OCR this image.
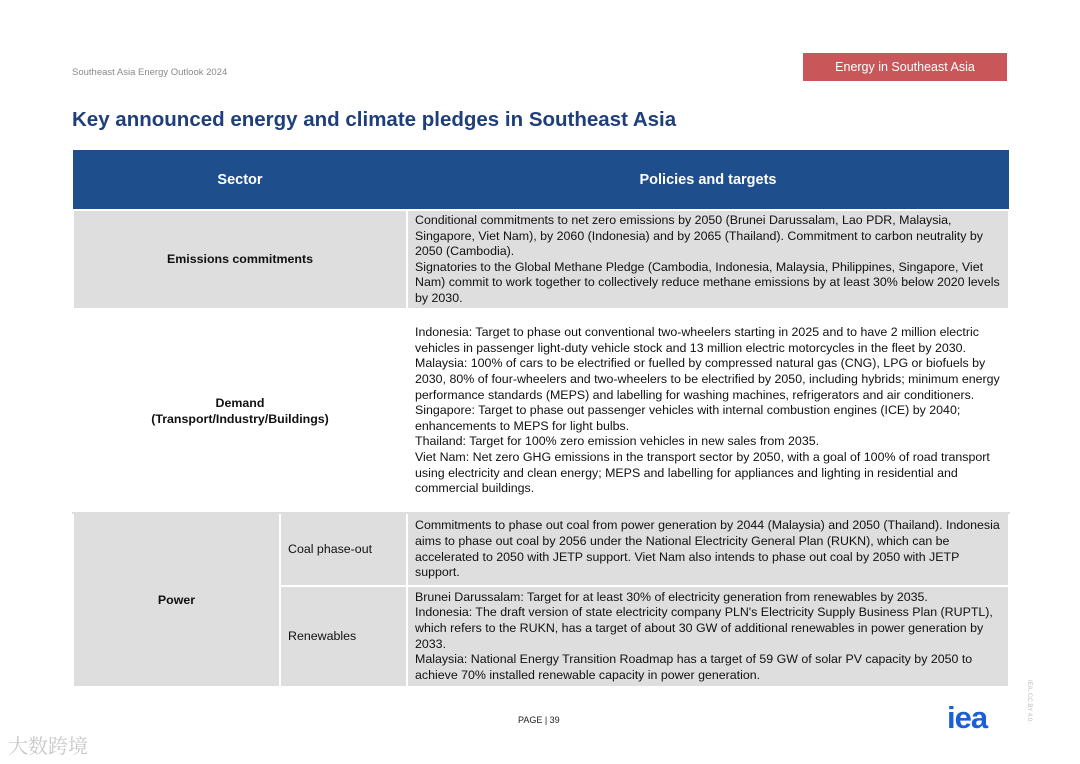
Southeast Asia Energy Outlook 2024	Energy in Southeast Asia
Key announced energy and climate pledges in Southeast Asia
Sector		Policies and targets
Emissions commitments		Conditional commitments to net zero emissions by 2050 (Brunei Darussalam, Lao PDR, Malaysia, Singapore, Viet Nam), by 2060 (Indonesia) and by 2065 (Thailand). Commitment to carbon neutrality by 2050 (Cambodia).
Signatories to the Global Methane Pledge (Cambodia, Indonesia, Malaysia, Philippines, Singapore, Viet Nam) commit to work together to collectively reduce methane emissions by at least 30% below 2020 levels by 2030.

Demand
(Transport/Industry/Buildings)		Indonesia: Target to phase out conventional two-wheelers starting in 2025 and to have 2 million electric vehicles in passenger light-duty vehicle stock and 13 million electric motorcycles in the fleet by 2030.
Malaysia: 100% of cars to be electrified or fuelled by compressed natural gas (CNG), LPG or biofuels by 2030, 80% of four-wheelers and two-wheelers to be electrified by 2050, including hybrids; minimum energy performance standards (MEPS) and labelling for washing machines, refrigerators and air conditioners.
Singapore: Target to phase out passenger vehicles with internal combustion engines (ICE) by 2040; enhancements to MEPS for light bulbs.
Thailand: Target for 100% zero emission vehicles in new sales from 2035.
Viet Nam: Net zero GHG emissions in the transport sector by 2050, with a goal of 100% of road transport using electricity and clean energy; MEPS and labelling for appliances and lighting in residential and commercial buildings.

Power	Coal phase-out	Commitments to phase out coal from power generation by 2044 (Malaysia) and 2050 (Thailand). Indonesia aims to phase out coal by 2056 under the National Electricity General Plan (RUKN), which can be accelerated to 2050 with JETP support. Viet Nam also intends to phase out coal by 2050 with JETP support.

	Renewables	Brunei Darussalam: Target for at least 30% of electricity generation from renewables by 2035.
Indonesia: The draft version of state electricity company PLN's Electricity Supply Business Plan (RUPTL), which refers to the RUKN, has a target of about 30 GW of additional renewables in power generation by 2033.
Malaysia: National Energy Transition Roadmap has a target of 59 GW of solar PV capacity by 2050 to achieve 70% installed renewable capacity in power generation.
PAGE | 39	iea
大数跨境
IEA. CC BY 4.0.
